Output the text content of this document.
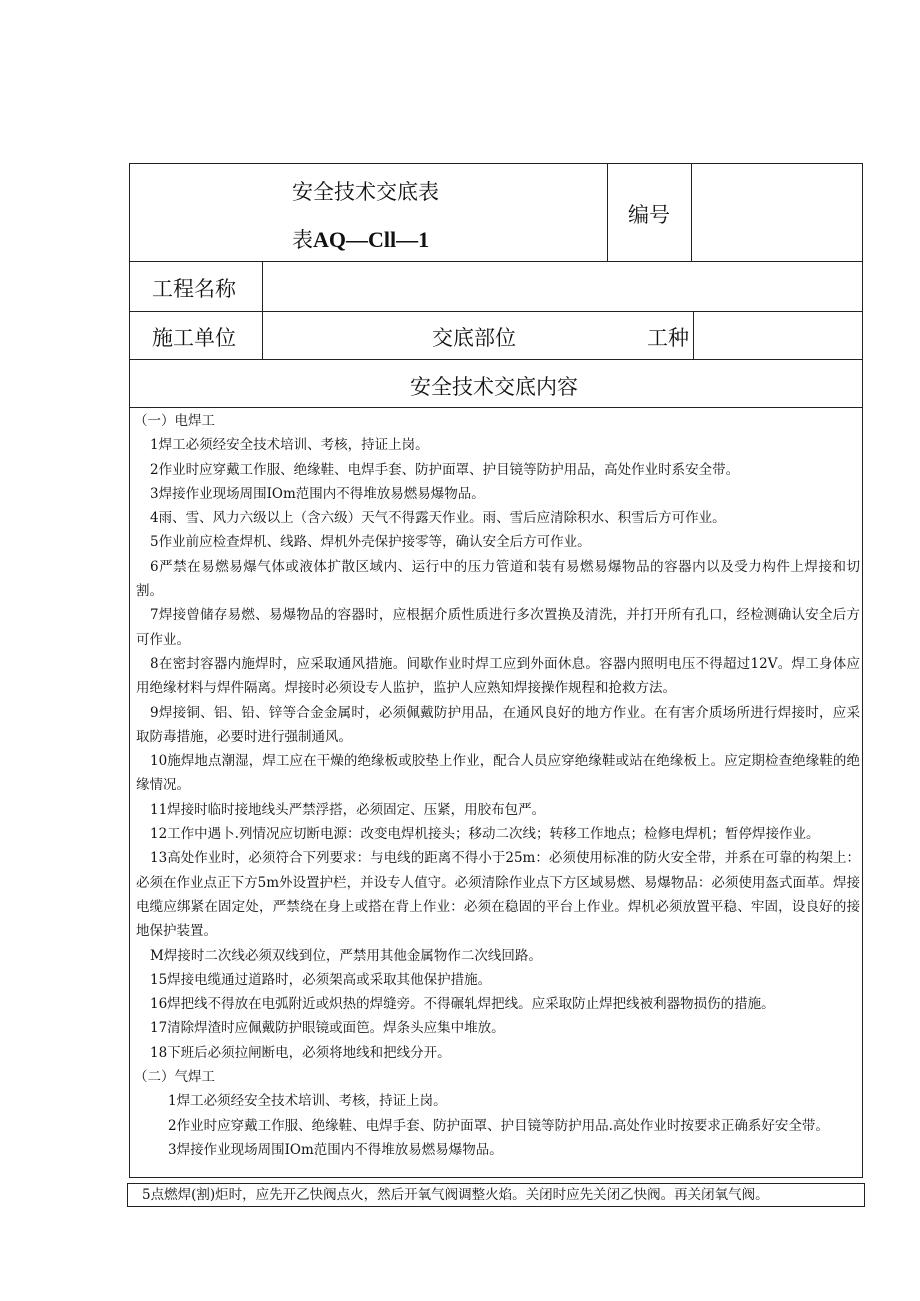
安全技术交底表
表AQ—Cll—1
编号
工程名称
施工单位	交底部位	工种
安全技术交底内容

（一）电焊工

1焊工必须经安全技术培训、考核，持证上岗。

2作业时应穿戴工作服、绝缘鞋、电焊手套、防护面罩、护目镜等防护用品，高处作业时系安全带。

3焊接作业现场周围IOm范围内不得堆放易燃易爆物品。

4雨、雪、风力六级以上（含六级）天气不得露天作业。雨、雪后应清除积水、积雪后方可作业。

5作业前应检查焊机、线路、焊机外壳保护接零等，确认安全后方可作业。

6严禁在易燃易爆气体或液体扩散区域内、运行中的压力管道和装有易燃易爆物品的容器内以及受力构件上焊接和切割。

7焊接曾储存易燃、易爆物品的容器时，应根据介质性质进行多次置换及清洗，并打开所有孔口，经检测确认安全后方可作业。

8在密封容器内施焊时，应采取通风措施。间歇作业时焊工应到外面休息。容器内照明电压不得超过12V。焊工身体应用绝缘材料与焊件隔离。焊接时必须设专人监护，监护人应熟知焊接操作规程和抢救方法。

9焊接铜、铝、铅、锌等合金金属时，必须佩戴防护用品，在通风良好的地方作业。在有害介质场所进行焊接时，应采取防毒措施，必要时进行强制通风。

10施焊地点潮湿，焊工应在干燥的绝缘板或胶垫上作业，配合人员应穿绝缘鞋或站在绝缘板上。应定期检查绝缘鞋的绝缘情况。

11焊接时临时接地线头严禁浮搭，必须固定、压紧，用胶布包严。

12工作中遇卜.列情况应切断电源：改变电焊机接头；移动二次线；转移工作地点；检修电焊机；暂停焊接作业。

13高处作业时，必须符合下列要求：与电线的距离不得小于25m：必须使用标准的防火安全带，并系在可靠的构架上：必须在作业点正下方5m外设置护栏，并设专人值守。必须清除作业点下方区域易燃、易爆物品：必须使用盔式面革。焊接电缆应绑紧在固定处，严禁绕在身上或搭在背上作业：必须在稳固的平台上作业。焊机必须放置平稳、牢固，设良好的接地保护装置。

M焊接时二次线必须双线到位，严禁用其他金属物作二次线回路。

15焊接电缆通过道路时，必须架高或采取其他保护措施。

16焊把线不得放在电弧附近或炽热的焊缝旁。不得碾轧焊把线。应采取防止焊把线被利器物损伤的措施。

17清除焊渣时应佩戴防护眼镜或面笆。焊条头应集中堆放。

18下班后必须拉闸断电，必须将地线和把线分开。

（二）气焊工

1焊工必须经安全技术培训、考核，持证上岗。

2作业时应穿戴工作服、绝缘鞋、电焊手套、防护面罩、护目镜等防护用品.高处作业时按要求正确系好安全带。

3焊接作业现场周围IOm范围内不得堆放易燃易爆物品。

5点燃焊(割)炬时，应先开乙快阀点火，然后开氧气阀调整火焰。关闭时应先关闭乙快阀。再关闭氧气阀。
